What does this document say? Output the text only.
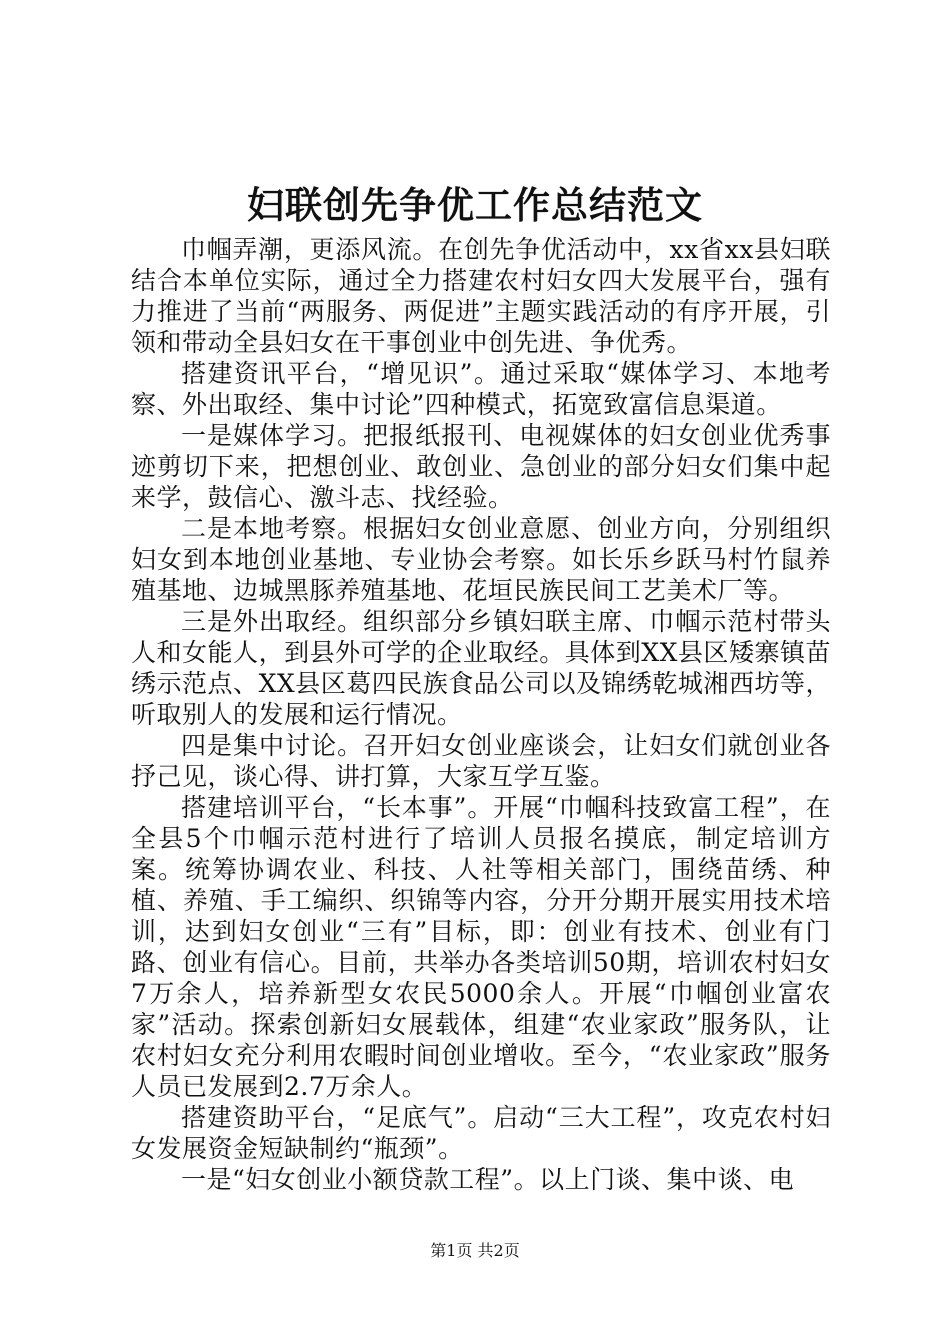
妇联创先争优工作总结范文

巾帼弄潮，更添风流。在创先争优活动中，xx省xx县妇联结合本单位实际，通过全力搭建农村妇女四大发展平台，强有力推进了当前“两服务、两促进”主题实践活动的有序开展，引领和带动全县妇女在干事创业中创先进、争优秀。

搭建资讯平台，“增见识”。通过采取“媒体学习、本地考察、外出取经、集中讨论”四种模式，拓宽致富信息渠道。

一是媒体学习。把报纸报刊、电视媒体的妇女创业优秀事迹剪切下来，把想创业、敢创业、急创业的部分妇女们集中起来学，鼓信心、激斗志、找经验。

二是本地考察。根据妇女创业意愿、创业方向，分别组织妇女到本地创业基地、专业协会考察。如长乐乡跃马村竹鼠养殖基地、边城黑豚养殖基地、花垣民族民间工艺美术厂等。

三是外出取经。组织部分乡镇妇联主席、巾帼示范村带头人和女能人，到县外可学的企业取经。具体到XX县区矮寨镇苗绣示范点、XX县区葛四民族食品公司以及锦绣乾城湘西坊等，听取别人的发展和运行情况。

四是集中讨论。召开妇女创业座谈会，让妇女们就创业各抒己见，谈心得、讲打算，大家互学互鉴。

搭建培训平台，“长本事”。开展“巾帼科技致富工程”，在全县5个巾帼示范村进行了培训人员报名摸底，制定培训方案。统筹协调农业、科技、人社等相关部门，围绕苗绣、种植、养殖、手工编织、织锦等内容，分开分期开展实用技术培训，达到妇女创业“三有”目标，即：创业有技术、创业有门路、创业有信心。目前，共举办各类培训50期，培训农村妇女7万余人，培养新型女农民5000余人。开展“巾帼创业富农家”活动。探索创新妇女展载体，组建“农业家政”服务队，让农村妇女充分利用农暇时间创业增收。至今，“农业家政”服务人员已发展到2.7万余人。

搭建资助平台，“足底气”。启动“三大工程”，攻克农村妇女发展资金短缺制约“瓶颈”。

一是“妇女创业小额贷款工程”。以上门谈、集中谈、电

第1页 共2页
